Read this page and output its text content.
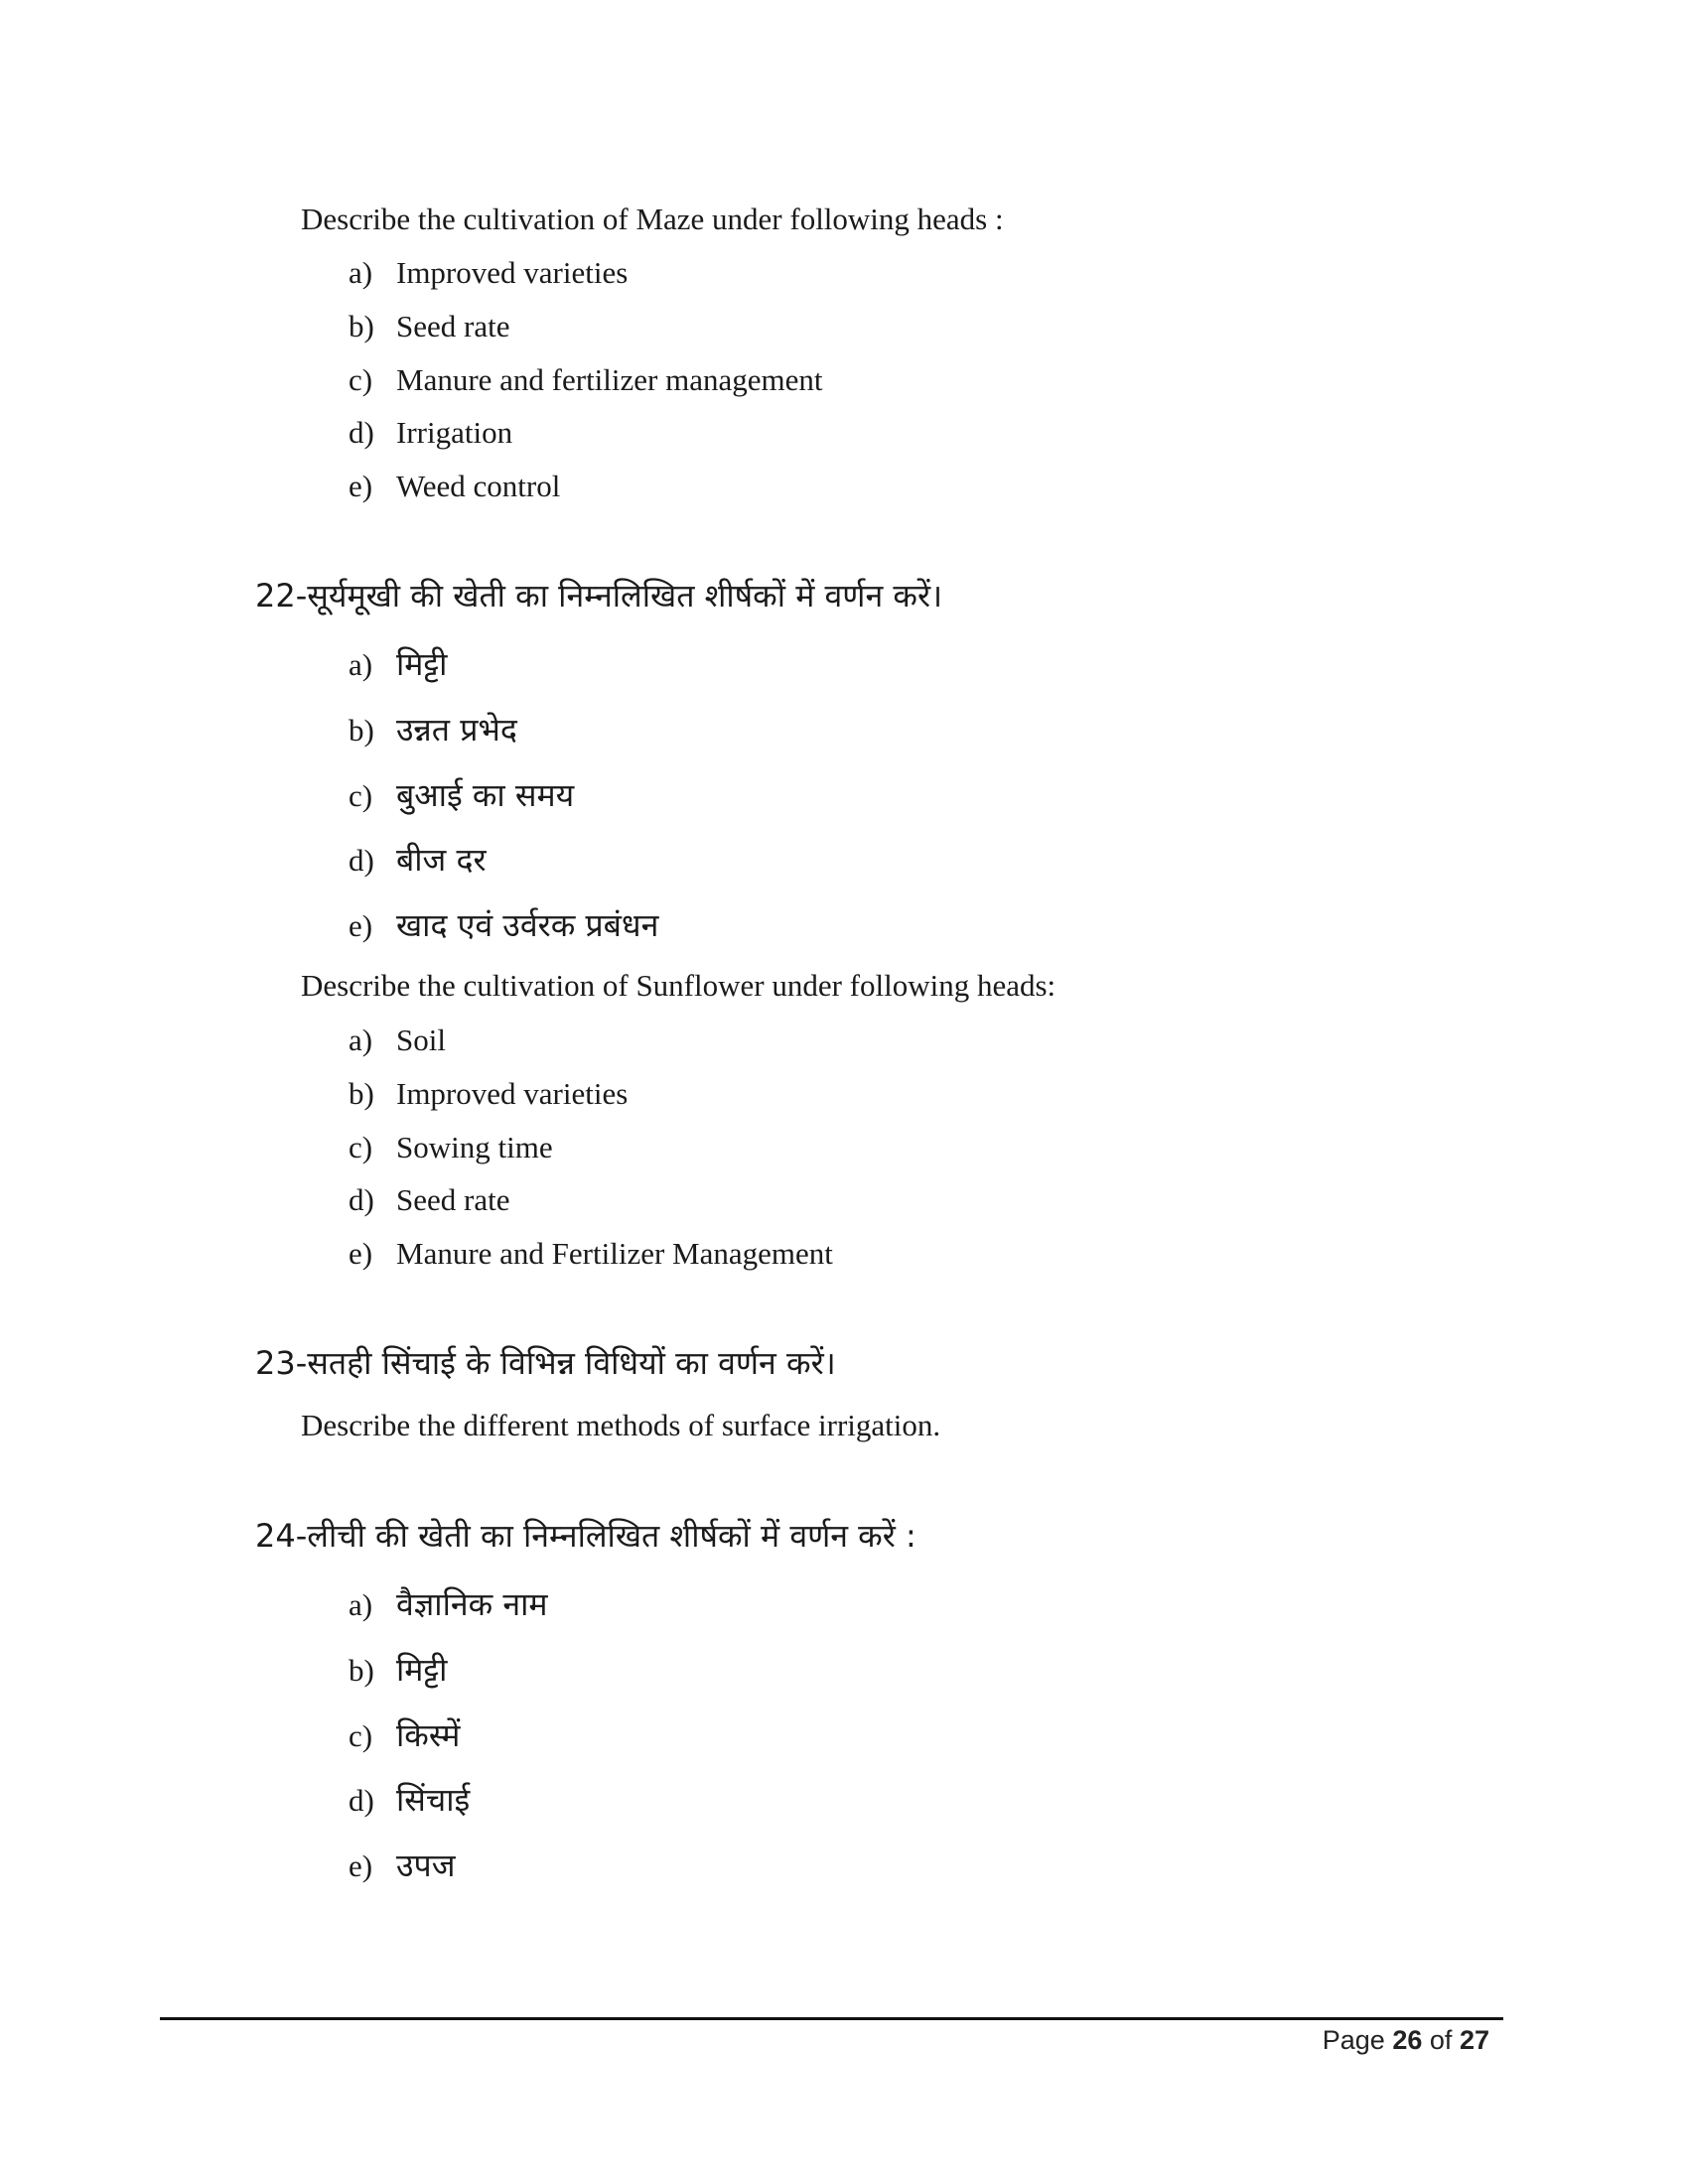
Describe the cultivation of Maze under following heads :
a) Improved varieties
b) Seed rate
c) Manure and fertilizer management
d) Irrigation
e) Weed control
22-सूर्यमूखी की खेती का निम्नलिखित शीर्षकों में वर्णन करें।
a) मिट्टी
b) उन्नत प्रभेद
c) बुआई का समय
d) बीज दर
e) खाद एवं उर्वरक प्रबंधन
Describe the cultivation of Sunflower under following heads:
a) Soil
b) Improved varieties
c) Sowing time
d) Seed rate
e) Manure and Fertilizer Management
23-सतही सिंचाई के विभिन्न विधियों का वर्णन करें।
Describe the different methods of surface irrigation.
24-लीची की खेती का निम्नलिखित शीर्षकों में वर्णन करें :
a) वैज्ञानिक नाम
b) मिट्टी
c) किस्में
d) सिंचाई
e) उपज
Page 26 of 27
